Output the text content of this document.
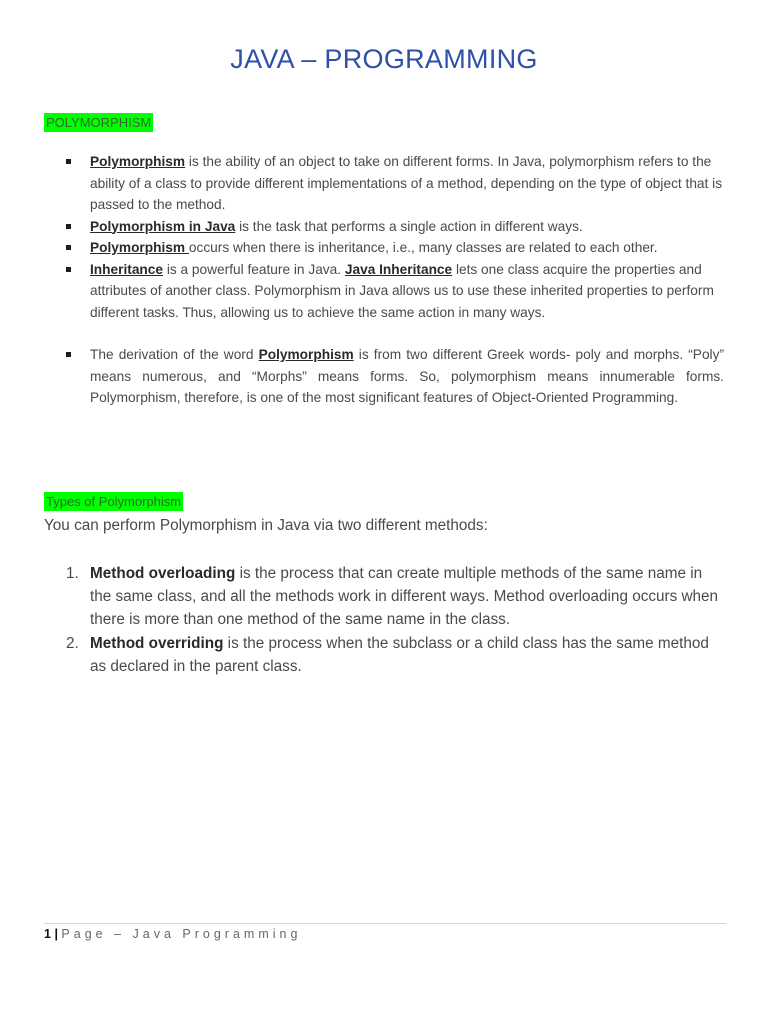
JAVA – PROGRAMMING
POLYMORPHISM
Polymorphism is the ability of an object to take on different forms. In Java, polymorphism refers to the ability of a class to provide different implementations of a method, depending on the type of object that is passed to the method.
Polymorphism in Java is the task that performs a single action in different ways.
Polymorphism occurs when there is inheritance, i.e., many classes are related to each other.
Inheritance is a powerful feature in Java. Java Inheritance lets one class acquire the properties and attributes of another class. Polymorphism in Java allows us to use these inherited properties to perform different tasks. Thus, allowing us to achieve the same action in many ways.
The derivation of the word Polymorphism is from two different Greek words- poly and morphs. “Poly” means numerous, and “Morphs” means forms. So, polymorphism means innumerable forms. Polymorphism, therefore, is one of the most significant features of Object-Oriented Programming.
Types of Polymorphism

You can perform Polymorphism in Java via two different methods:

1. Method overloading is the process that can create multiple methods of the same name in the same class, and all the methods work in different ways. Method overloading occurs when there is more than one method of the same name in the class.
2. Method overriding is the process when the subclass or a child class has the same method as declared in the parent class.
1 | Page – Java Programming
